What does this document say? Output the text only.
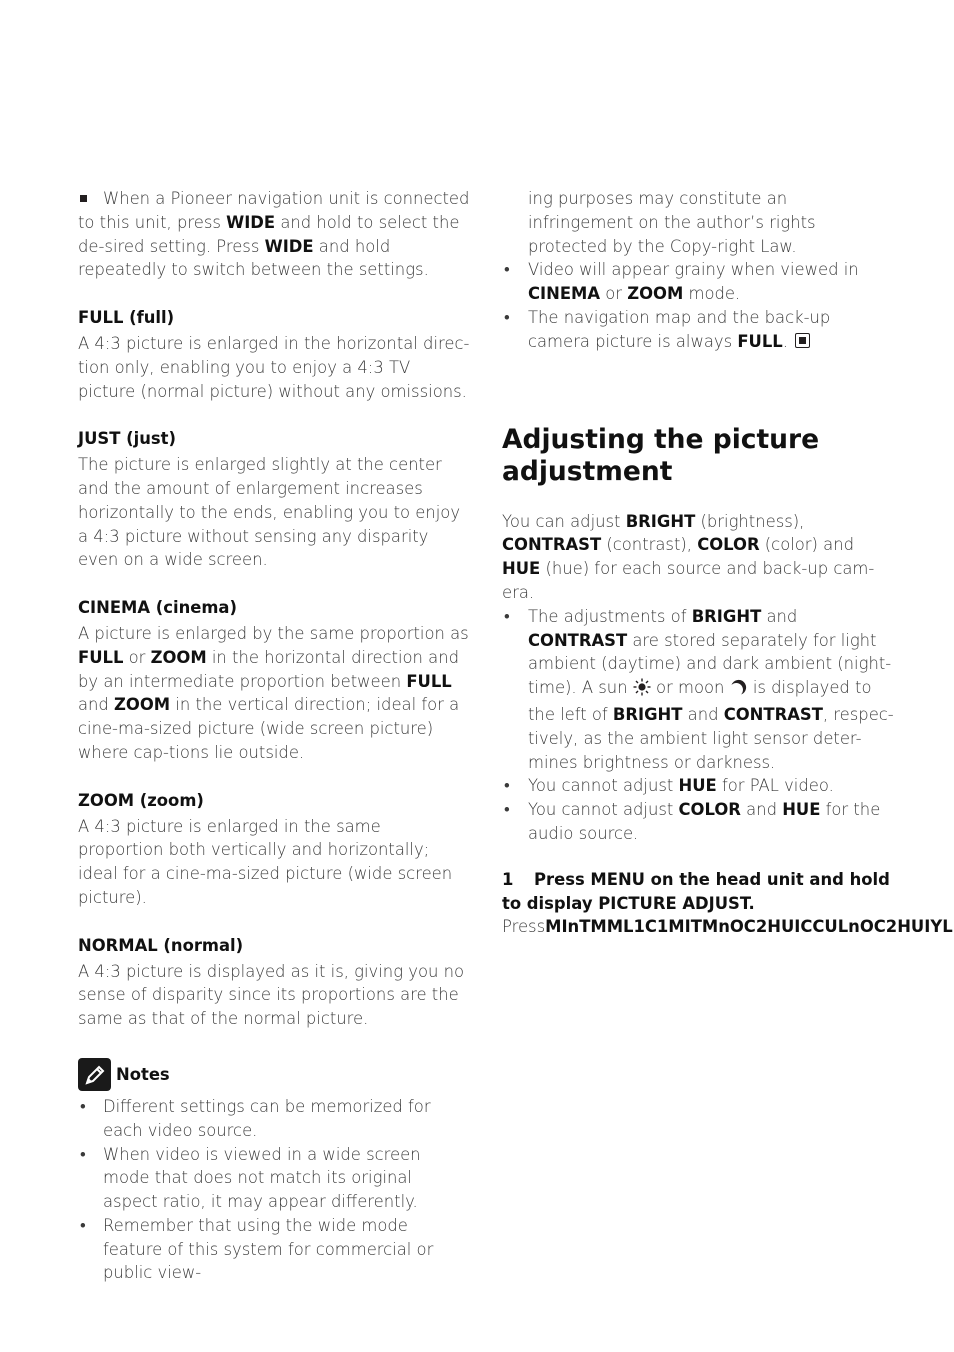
When a Pioneer navigation unit is connected to this unit, press WIDE and hold to select the de-sired setting. Press WIDE and hold repeatedly to switch between the settings.

FULL (full)

A 4:3 picture is enlarged in the horizontal direc-tion only, enabling you to enjoy a 4:3 TV picture (normal picture) without any omissions.

JUST (just)

The picture is enlarged slightly at the center and the amount of enlargement increases horizontally to the ends, enabling you to enjoy a 4:3 picture without sensing any disparity even on a wide screen.

CINEMA (cinema)

A picture is enlarged by the same proportion as FULL or ZOOM in the horizontal direction and by an intermediate proportion between FULL and ZOOM in the vertical direction; ideal for a cine-ma-sized picture (wide screen picture) where cap-tions lie outside.

ZOOM (zoom)

A 4:3 picture is enlarged in the same proportion both vertically and horizontally; ideal for a cine-ma-sized picture (wide screen picture).

NORMAL (normal)

A 4:3 picture is displayed as it is, giving you no sense of disparity since its proportions are the same as that of the normal picture.

Notes
• Different settings can be memorized for each video source.
• When video is viewed in a wide screen mode that does not match its original aspect ratio, it may appear differently.
• Remember that using the wide mode feature of this system for commercial or public view-

ing purposes may constitute an infringement on the author’s rights protected by the Copy-right Law.

• Video will appear grainy when viewed in CINEMA or ZOOM mode.
• The navigation map and the back-up camera picture is always FULL.
Adjusting the picture adjustment

You can adjust BRIGHT (brightness), CONTRAST (contrast), COLOR (color) and HUE (hue) for each source and back-up cam-era.

• The adjustments of BRIGHT and CONTRAST are stored separately for light ambient (daytime) and dark ambient (night-time). A sun  or moon  is displayed to the left of BRIGHT and CONTRAST, respec-tively, as the ambient light sensor deter-mines brightness or darkness.
• You cannot adjust HUE for PAL video.
• You cannot adjust COLOR and HUE for the audio source.

1 Press MENU on the head unit and hold to display PICTURE ADJUST.

PressMInTMML1C1MITMnOC2HUICCULnOC2HUIYL
